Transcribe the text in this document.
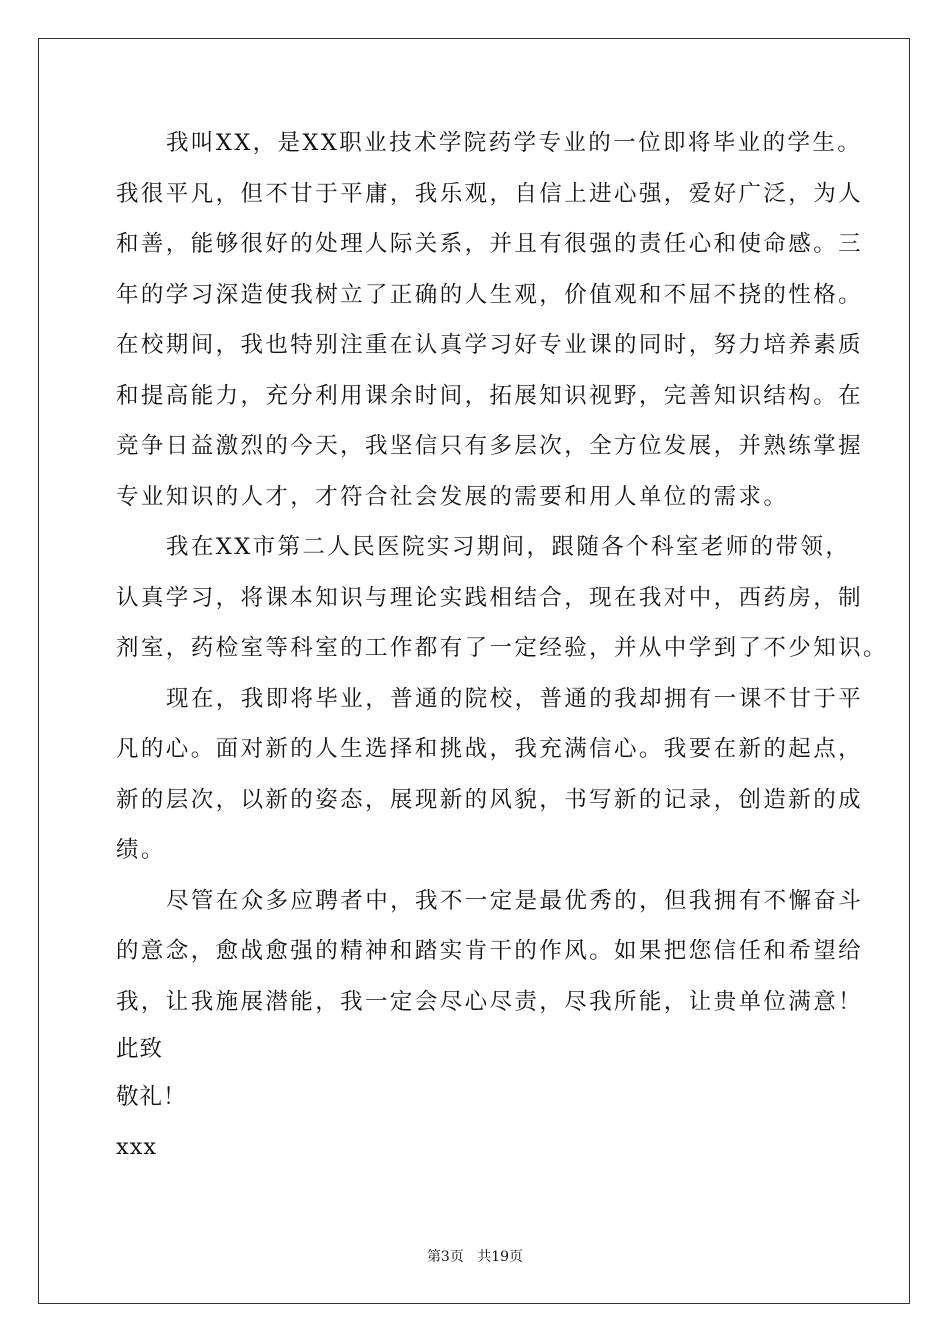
我叫XX，是XX职业技术学院药学专业的一位即将毕业的学生。
我很平凡，但不甘于平庸，我乐观，自信上进心强，爱好广泛，为人
和善，能够很好的处理人际关系，并且有很强的责任心和使命感。三
年的学习深造使我树立了正确的人生观，价值观和不屈不挠的性格。
在校期间，我也特别注重在认真学习好专业课的同时，努力培养素质
和提高能力，充分利用课余时间，拓展知识视野，完善知识结构。在
竞争日益激烈的今天，我坚信只有多层次，全方位发展，并熟练掌握
专业知识的人才，才符合社会发展的需要和用人单位的需求。
我在XX市第二人民医院实习期间，跟随各个科室老师的带领，
认真学习，将课本知识与理论实践相结合，现在我对中，西药房，制
剂室，药检室等科室的工作都有了一定经验，并从中学到了不少知识。
现在，我即将毕业，普通的院校，普通的我却拥有一课不甘于平
凡的心。面对新的人生选择和挑战，我充满信心。我要在新的起点，
新的层次，以新的姿态，展现新的风貌，书写新的记录，创造新的成
绩。
尽管在众多应聘者中，我不一定是最优秀的，但我拥有不懈奋斗
的意念，愈战愈强的精神和踏实肯干的作风。如果把您信任和希望给
我，让我施展潜能，我一定会尽心尽责，尽我所能，让贵单位满意！
此致
敬礼！
xxx
第3页 共19页
